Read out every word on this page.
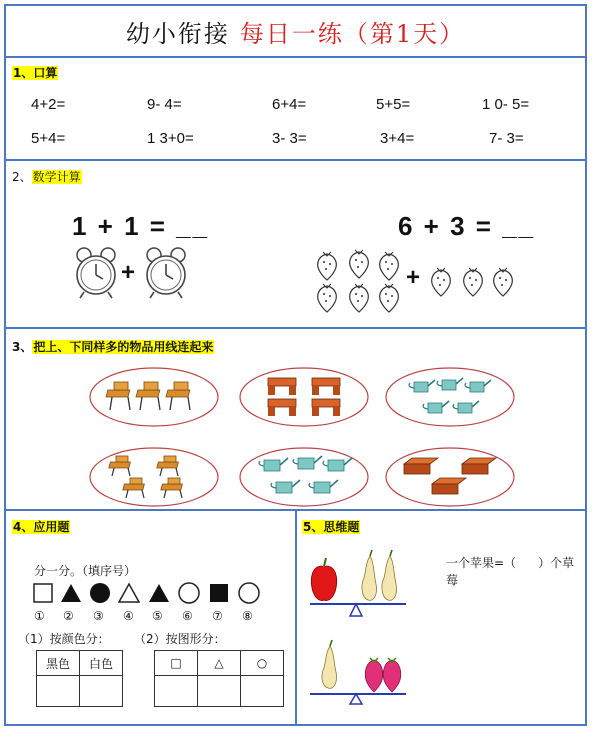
幼小衔接 每日一练（第1天）
1、口算
4+2=	9- 4=	6+4=	5+5=	1 0- 5=
5+4=	1 3+0=	3- 3=	3+4=	7- 3=
2、数学计算
1 + 1 = __	6 + 3 = __
+	+
3、把上、下同样多的物品用线连起来
4、应用题
分一分。（填序号）
① ② ③ ④ ⑤ ⑥ ⑦ ⑧
（1）按颜色分： （2）按图形分：
黑色	白色
		□	△	○

5、思维题
一个苹果=（ ）个草莓
